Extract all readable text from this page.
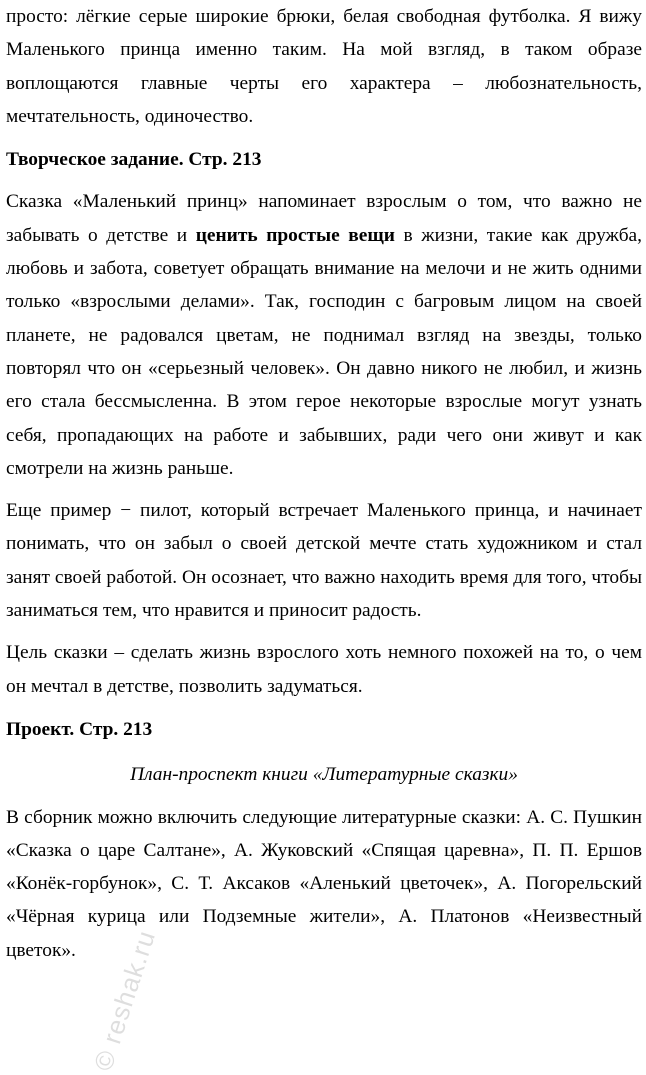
просто: лёгкие серые широкие брюки, белая свободная футболка. Я вижу Маленького принца именно таким. На мой взгляд, в таком образе воплощаются главные черты его характера – любознательность, мечтательность, одиночество.

Творческое задание. Стр. 213

Сказка «Маленький принц» напоминает взрослым о том, что важно не забывать о детстве и ценить простые вещи в жизни, такие как дружба, любовь и забота, советует обращать внимание на мелочи и не жить одними только «взрослыми делами». Так, господин с багровым лицом на своей планете, не радовался цветам, не поднимал взгляд на звезды, только повторял что он «серьезный человек». Он давно никого не любил, и жизнь его стала бессмысленна. В этом герое некоторые взрослые могут узнать себя, пропадающих на работе и забывших, ради чего они живут и как смотрели на жизнь раньше.

Еще пример − пилот, который встречает Маленького принца, и начинает понимать, что он забыл о своей детской мечте стать художником и стал занят своей работой. Он осознает, что важно находить время для того, чтобы заниматься тем, что нравится и приносит радость.

Цель сказки – сделать жизнь взрослого хоть немного похожей на то, о чем он мечтал в детстве, позволить задуматься.

Проект. Стр. 213

План-проспект книги «Литературные сказки»

В сборник можно включить следующие литературные сказки: А. С. Пушкин «Сказка о царе Салтане», А. Жуковский «Спящая царевна», П. П. Ершов «Конёк-горбунок», С. Т. Аксаков «Аленький цветочек», А. Погорельский «Чёрная курица или Подземные жители», А. Платонов «Неизвестный цветок». © reshak.ru
